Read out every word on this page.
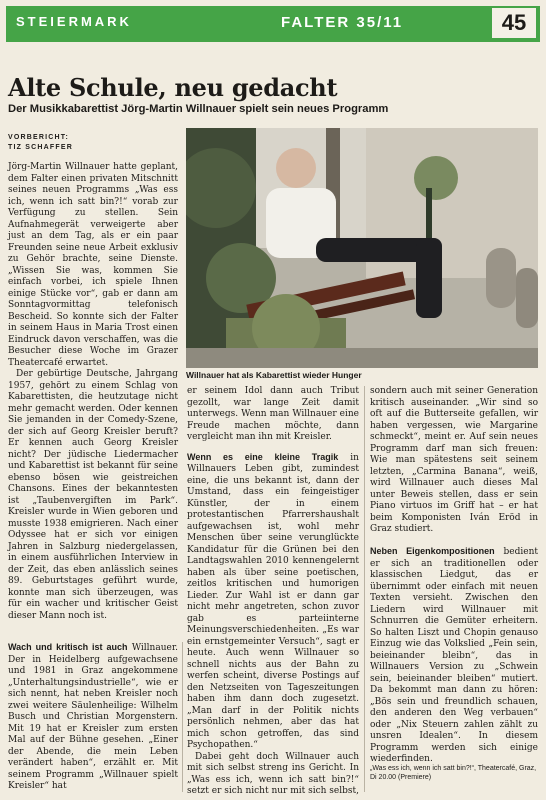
STEIERMARK	FALTER 35/11	45
Alte Schule, neu gedacht
Der Musikkabarettist Jörg-Martin Willnauer spielt sein neues Programm
VORBERICHT:
TIZ SCHAFFER

Jörg-Martin Willnauer hatte geplant, dem Falter einen privaten Mitschnitt seines neuen Programms „Was ess ich, wenn ich satt bin?!“ vorab zur Verfügung zu stellen. Sein Aufnahmegerät verweigerte aber just an dem Tag, als er ein paar Freunden seine neue Arbeit exklusiv zu Gehör brachte, seine Dienste. „Wissen Sie was, kommen Sie einfach vorbei, ich spiele Ihnen einige Stücke vor“, gab er dann am Sonntagvormittag telefonisch Bescheid. So konnte sich der Falter in seinem Haus in Maria Trost einen Eindruck davon verschaffen, was die Besucher diese Woche im Grazer Theatercafé erwartet.

Der gebürtige Deutsche, Jahrgang 1957, gehört zu einem Schlag von Kabarettisten, die heutzutage nicht mehr gemacht werden. Oder kennen Sie jemanden in der Comedy-Szene, der sich auf Georg Kreisler beruft? Er kennen auch Georg Kreisler nicht? Der jüdische Liedermacher und Kabarettist ist bekannt für seine ebenso bösen wie geistreichen Chansons. Eines der bekanntesten ist „Taubenvergiften im Park“. Kreisler wurde in Wien geboren und musste 1938 emigrieren. Nach einer Odyssee hat er sich vor einigen Jahren in Salzburg niedergelassen, in einem ausführlichen Interview in der Zeit, das eben anlässlich seines 89. Geburtstages geführt wurde, konnte man sich überzeugen, was für ein wacher und kritischer Geist dieser Mann noch ist.

Wach und kritisch ist auch Willnauer. Der in Heidelberg aufgewachsene und 1981 in Graz angekommene „Unterhaltungsindustrielle“, wie er sich nennt, hat neben Kreisler noch zwei weitere Säulenheilige: Wilhelm Busch und Christian Morgenstern. Mit 19 hat er Kreisler zum ersten Mal auf der Bühne gesehen. „Einer der Abende, die mein Leben verändert haben“, erzählt er. Mit seinem Programm „Willnauer spielt Kreisler“ hat

Willnauer hat als Kabarettist wieder Hunger

er seinem Idol dann auch Tribut gezollt, war lange Zeit damit unterwegs. Wenn man Willnauer eine Freude machen möchte, dann vergleicht man ihn mit Kreisler.

Wenn es eine kleine Tragik in Willnauers Leben gibt, zumindest eine, die uns bekannt ist, dann der Umstand, dass ein feingeistiger Künstler, der in einem protestantischen Pfarrershaushalt aufgewachsen ist, wohl mehr Menschen über seine verunglückte Kandidatur für die Grünen bei den Landtagswahlen 2010 kennengelernt haben als über seine poetischen, zeitlos kritischen und humorigen Lieder. Zur Wahl ist er dann gar nicht mehr angetreten, schon zuvor gab es parteiinterne Meinungsverschiedenheiten. „Es war ein ernstgemeinter Versuch“, sagt er heute. Auch wenn Willnauer so schnell nichts aus der Bahn zu werfen scheint, diverse Postings auf den Netzseiten von Tageszeitungen haben ihm dann doch zugesetzt. „Man darf in der Politik nichts persönlich nehmen, aber das hat mich schon getroffen, das sind Psychopathen.“

Dabei geht doch Willnauer auch mit sich selbst streng ins Gericht. In „Was ess ich, wenn ich satt bin?!“ setzt er sich nicht nur mit sich selbst,

sondern auch mit seiner Generation kritisch auseinander. „Wir sind so oft auf die Butterseite gefallen, wir haben vergessen, wie Margarine schmeckt“, meint er. Auf sein neues Programm darf man sich freuen: Wie man spätestens seit seinem letzten, „Carmina Banana“, weiß, wird Willnauer auch dieses Mal unter Beweis stellen, dass er sein Piano virtuos im Griff hat – er hat beim Komponisten Iván Eröd in Graz studiert.

Neben Eigenkompositionen bedient er sich an traditionellen oder klassischen Liedgut, das er übernimmt oder einfach mit neuen Texten versieht. Zwischen den Liedern wird Willnauer mit Schnurren die Gemüter erheitern. So halten Liszt und Chopin genauso Einzug wie das Volkslied „Fein sein, beieinander bleibn“, das in Willnauers Version zu „Schwein sein, beieinander bleiben“ mutiert. Da bekommt man dann zu hören: „Bös sein und freundlich schauen, den anderen den Weg verbauen“ oder „Nix Steuern zahlen zählt zu unsren Idealen“. In diesem Programm werden sich einige wiederfinden.

„Was ess ich, wenn ich satt bin?!“, Theatercafé, Graz, Di 20.00 (Premiere)
